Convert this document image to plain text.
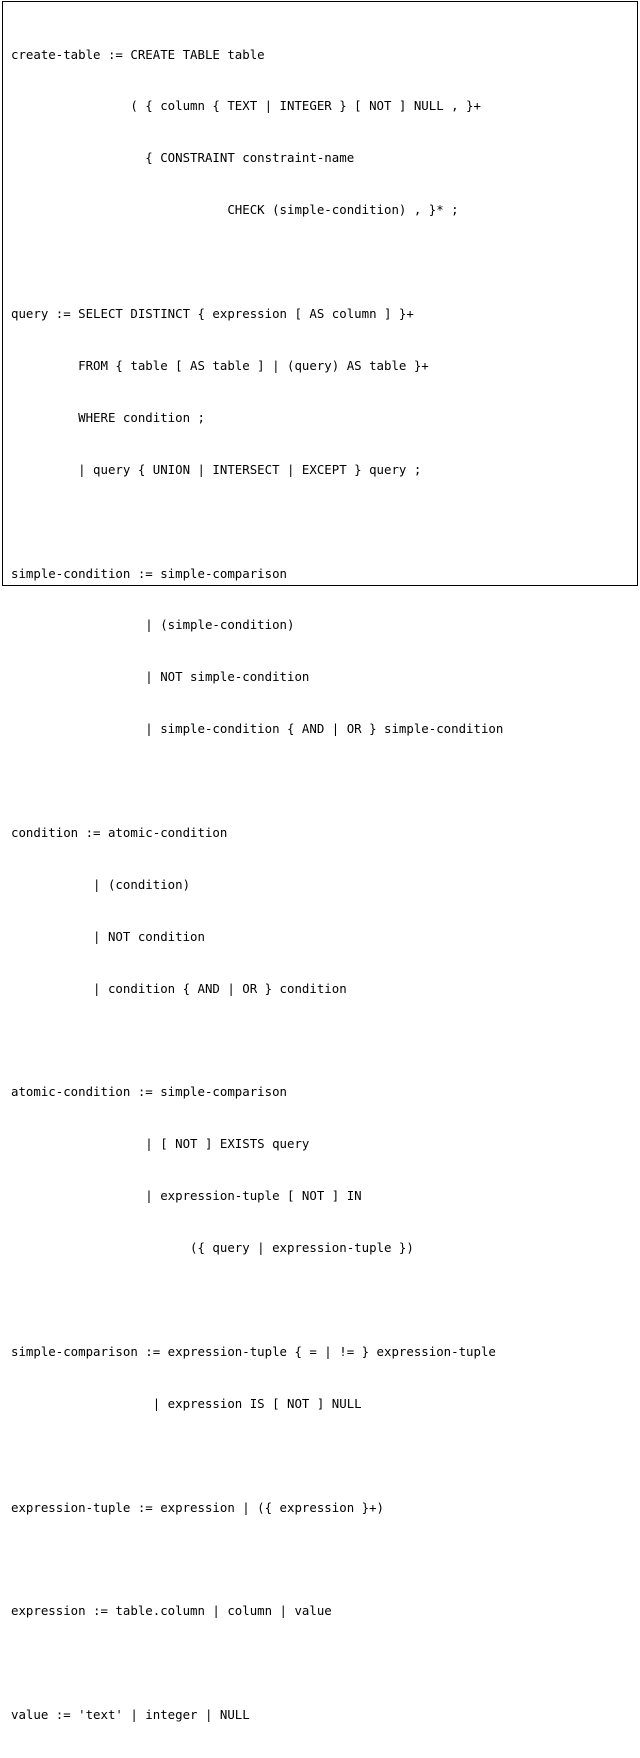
create-table := CREATE TABLE table

( { column { TEXT | INTEGER } [ NOT ] NULL , }+

{ CONSTRAINT constraint-name

CHECK (simple-condition) , }* ;

query := SELECT DISTINCT { expression [ AS column ] }+

FROM { table [ AS table ] | (query) AS table }+

WHERE condition ;

| query { UNION | INTERSECT | EXCEPT } query ;

simple-condition := simple-comparison

| (simple-condition)

| NOT simple-condition

| simple-condition { AND | OR } simple-condition

condition := atomic-condition

| (condition)

| NOT condition

| condition { AND | OR } condition

atomic-condition := simple-comparison

| [ NOT ] EXISTS query

| expression-tuple [ NOT ] IN

({ query | expression-tuple })

simple-comparison := expression-tuple { = | != } expression-tuple

| expression IS [ NOT ] NULL

expression-tuple := expression | ({ expression }+)

expression := table.column | column | value

value := 'text' | integer | NULL
